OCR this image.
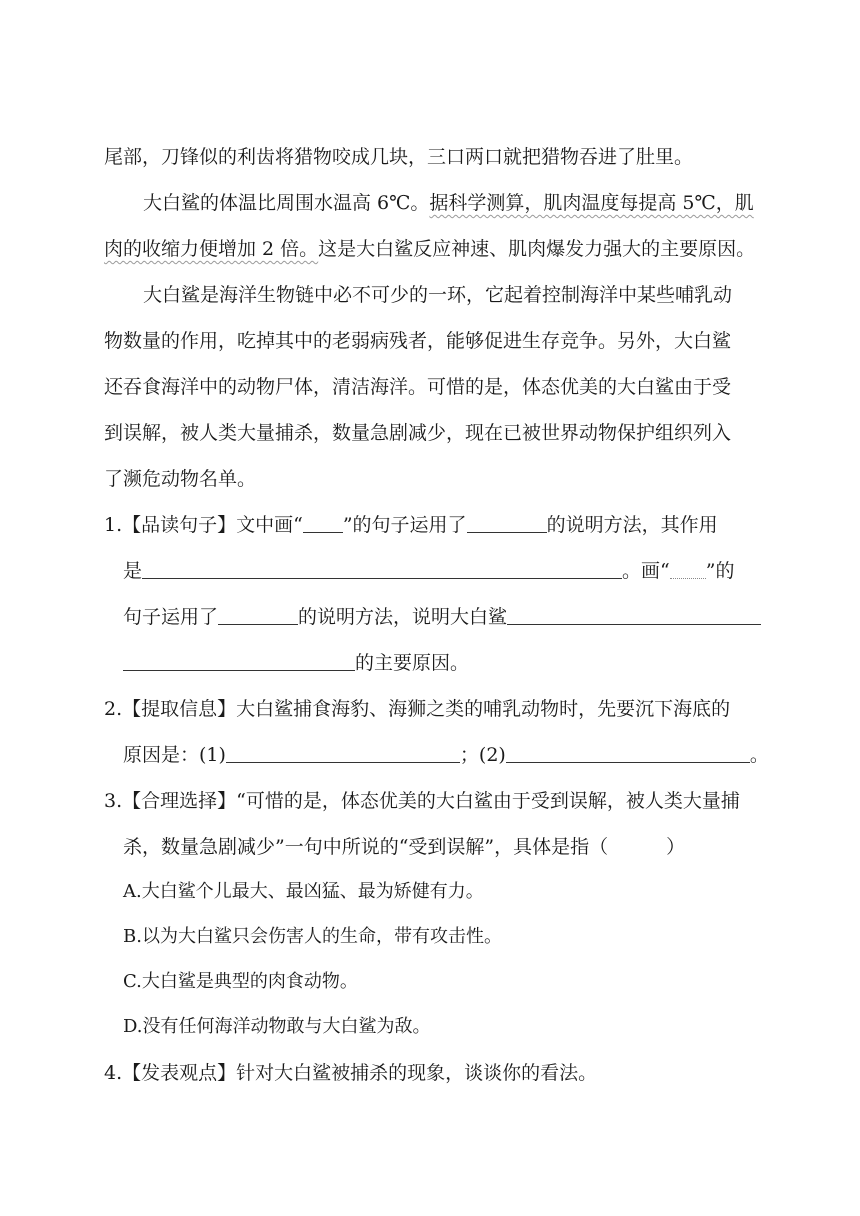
尾部，刀锋似的利齿将猎物咬成几块，三口两口就把猎物吞进了肚里。
大白鲨的体温比周围水温高 6℃。据科学测算，肌肉温度每提高 5℃，肌
肉的收缩力便增加 2 倍。这是大白鲨反应神速、肌肉爆发力强大的主要原因。
大白鲨是海洋生物链中必不可少的一环，它起着控制海洋中某些哺乳动
物数量的作用，吃掉其中的老弱病残者，能够促进生存竞争。另外，大白鲨
还吞食海洋中的动物尸体，清洁海洋。可惜的是，体态优美的大白鲨由于受
到误解，被人类大量捕杀，数量急剧减少，现在已被世界动物保护组织列入
了濒危动物名单。
1.【品读句子】文中画“ ”的句子运用了	的说明方法，其作用
是	。画“ ”的
句子运用了	的说明方法，说明大白鲨
的主要原因。
2.【提取信息】大白鲨捕食海豹、海狮之类的哺乳动物时，先要沉下海底的
原因是：(1)	；(2)	。
3.【合理选择】“可惜的是，体态优美的大白鲨由于受到误解，被人类大量捕
杀，数量急剧减少”一句中所说的“受到误解”，具体是指（	）
A.大白鲨个儿最大、最凶猛、最为矫健有力。
B.以为大白鲨只会伤害人的生命，带有攻击性。
C.大白鲨是典型的肉食动物。
D.没有任何海洋动物敢与大白鲨为敌。
4.【发表观点】针对大白鲨被捕杀的现象，谈谈你的看法。
